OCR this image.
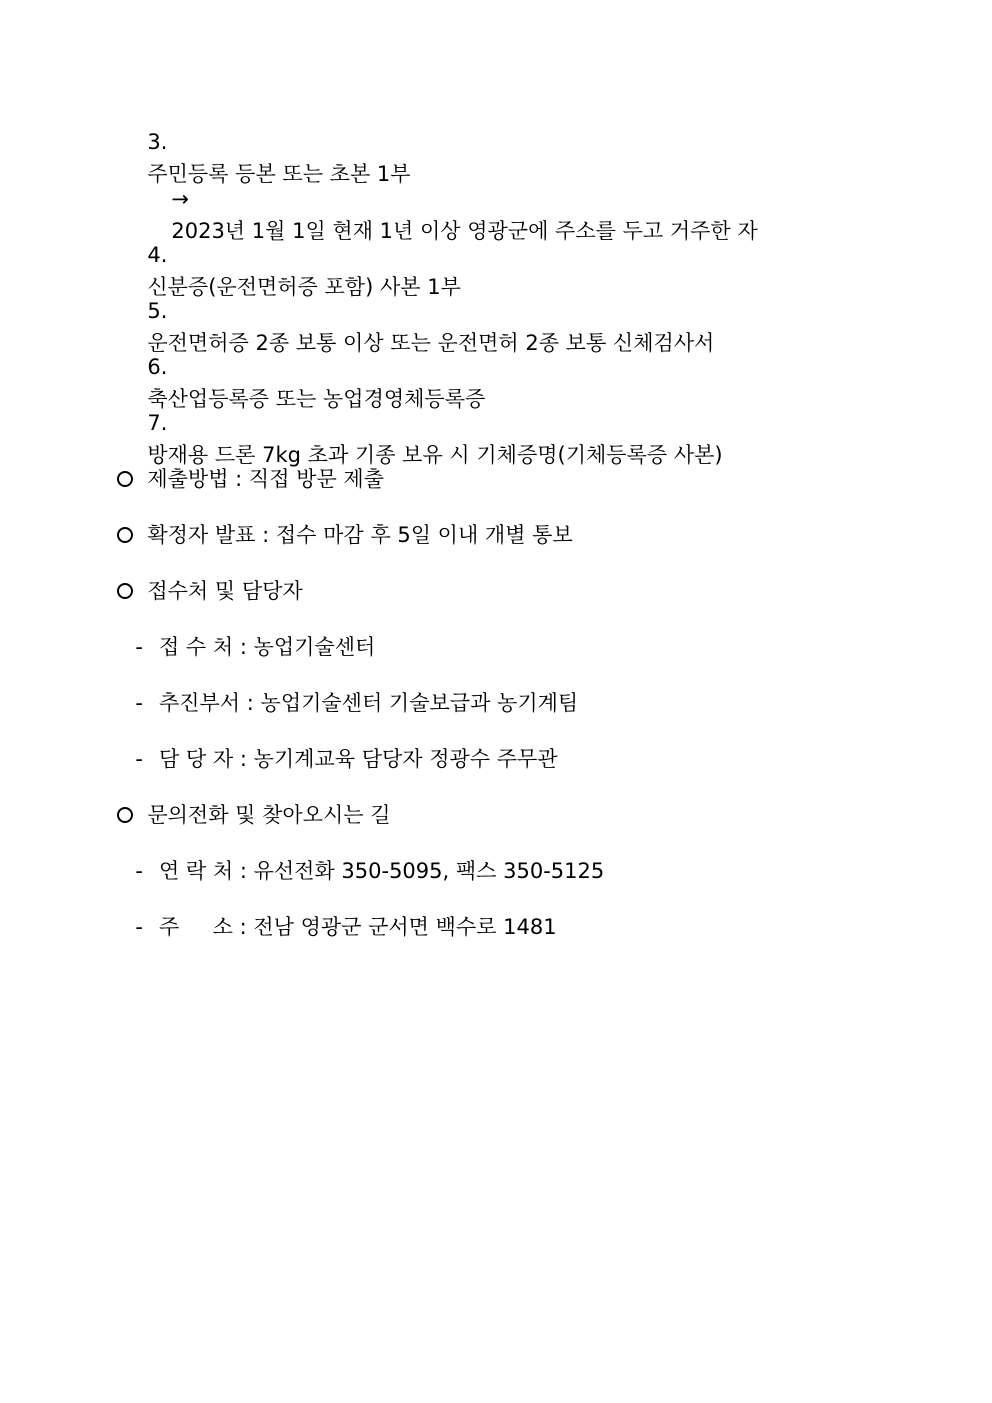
3.
주민등록 등본 또는 초본 1부

→
2023년 1월 1일 현재 1년 이상 영광군에 주소를 두고 거주한 자

4.
신분증(운전면허증 포함) 사본 1부

5.
운전면허증 2종 보통 이상 또는 운전면허 2종 보통 신체검사서

6.
축산업등록증 또는 농업경영체등록증

7.
방재용 드론 7kg 초과 기종 보유 시 기체증명(기체등록증 사본)

제출방법 : 직접 방문 제출

확정자 발표 : 접수 마감 후 5일 이내 개별 통보

접수처 및 담당자

- 접 수 처 : 농업기술센터

- 추진부서 : 농업기술센터 기술보급과 농기계팀

- 담 당 자 : 농기계교육 담당자 정광수 주무관

문의전화 및 찾아오시는 길

- 연 락 처 : 유선전화 350-5095, 팩스 350-5125

- 주     소 : 전남 영광군 군서면 백수로 1481
